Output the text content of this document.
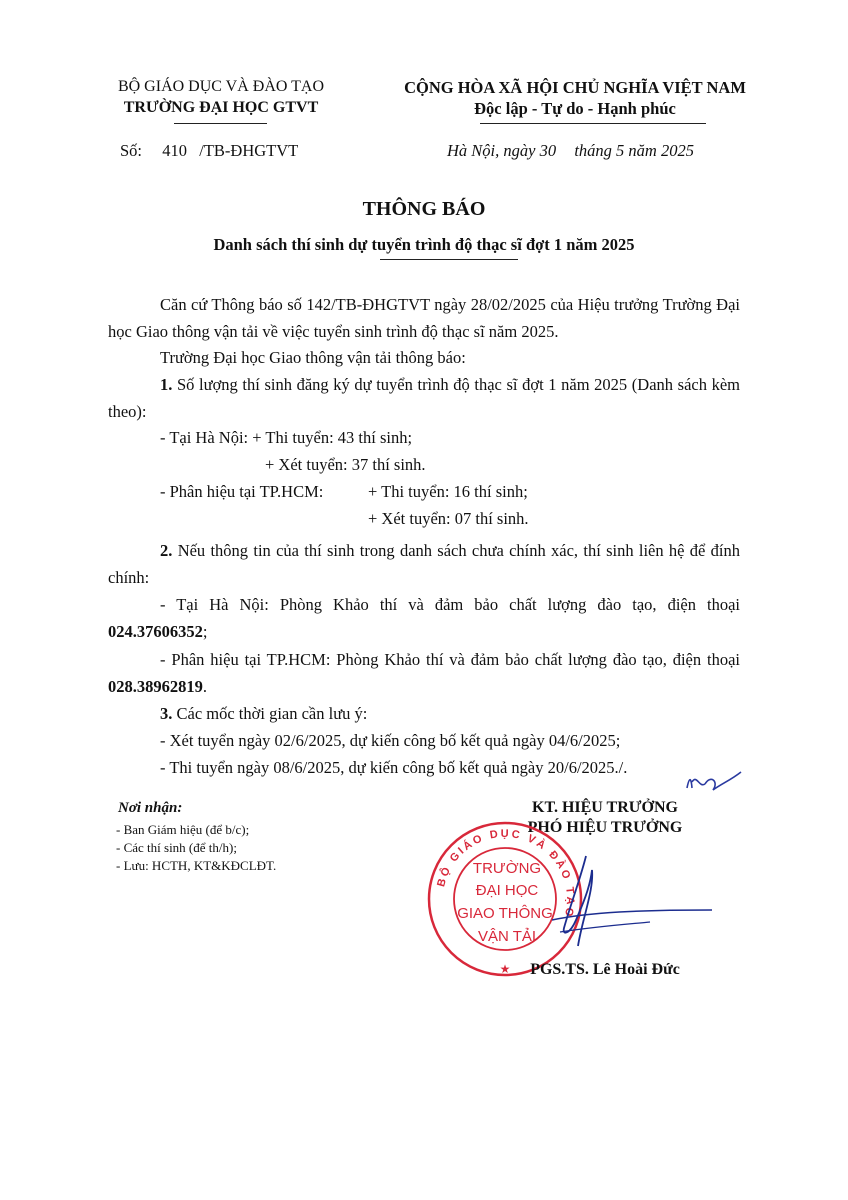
BỘ GIÁO DỤC VÀ ĐÀO TẠO
TRƯỜNG ĐẠI HỌC GTVT
CỘNG HÒA XÃ HỘI CHỦ NGHĨA VIỆT NAM
Độc lập - Tự do - Hạnh phúc
Số: 410 /TB-ĐHGTVT	Hà Nội, ngày 30 tháng 5 năm 2025
THÔNG BÁO
Danh sách thí sinh dự tuyển trình độ thạc sĩ đợt 1 năm 2025
Căn cứ Thông báo số 142/TB-ĐHGTVT ngày 28/02/2025 của Hiệu trưởng Trường Đại học Giao thông vận tải về việc tuyển sinh trình độ thạc sĩ năm 2025.
Trường Đại học Giao thông vận tải thông báo:
1. Số lượng thí sinh đăng ký dự tuyển trình độ thạc sĩ đợt 1 năm 2025 (Danh sách kèm theo):
- Tại Hà Nội: + Thi tuyển: 43 thí sinh;
+ Xét tuyển: 37 thí sinh.
- Phân hiệu tại TP.HCM:	+ Thi tuyển: 16 thí sinh;
+ Xét tuyển: 07 thí sinh.
2. Nếu thông tin của thí sinh trong danh sách chưa chính xác, thí sinh liên hệ để đính chính:
- Tại Hà Nội: Phòng Khảo thí và đảm bảo chất lượng đào tạo, điện thoại 024.37606352;
- Phân hiệu tại TP.HCM: Phòng Khảo thí và đảm bảo chất lượng đào tạo, điện thoại 028.38962819.
3. Các mốc thời gian cần lưu ý:
- Xét tuyển ngày 02/6/2025, dự kiến công bố kết quả ngày 04/6/2025;
- Thi tuyển ngày 08/6/2025, dự kiến công bố kết quả ngày 20/6/2025./.
Nơi nhận:
- Ban Giám hiệu (để b/c);
- Các thí sinh (để th/h);
- Lưu: HCTH, KT&KĐCLĐT.
KT. HIỆU TRƯỞNG
PHÓ HIỆU TRƯỞNG
BỘ GIÁO DỤC VÀ ĐÀO TẠO
TRƯỜNG
ĐẠI HỌC
GIAO THÔNG
VẬN TẢI
★	PGS.TS. Lê Hoài Đức
